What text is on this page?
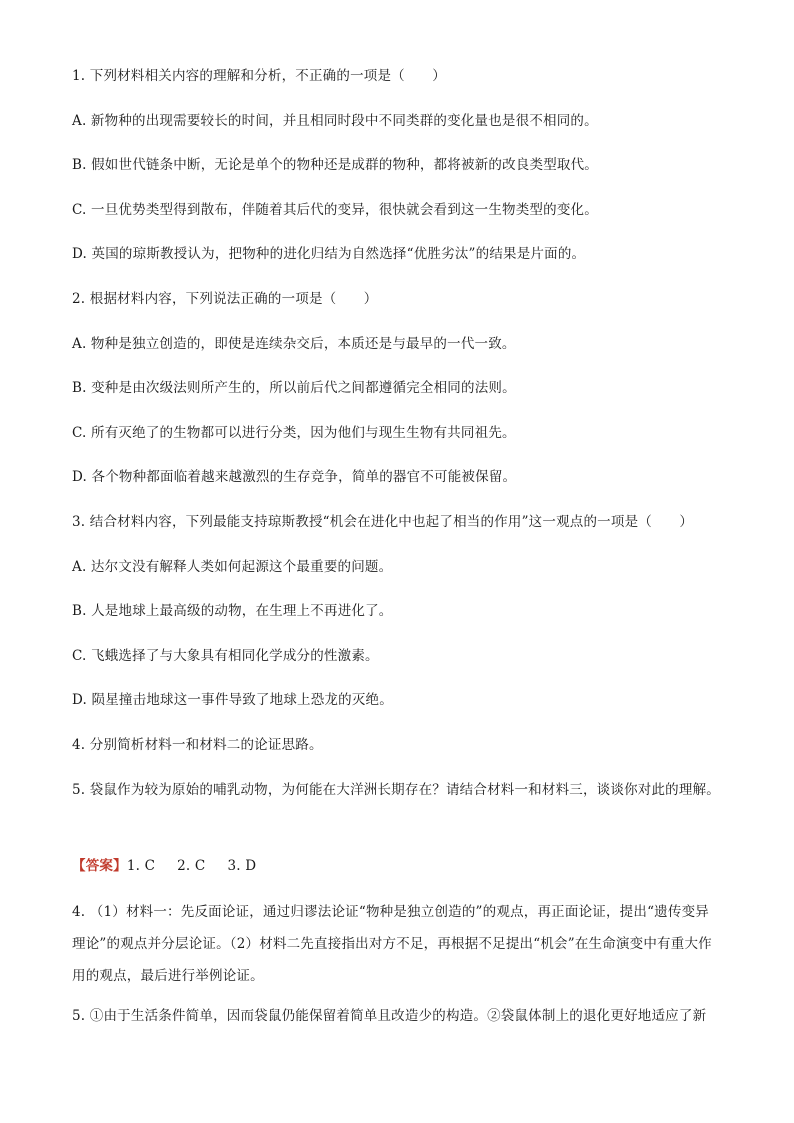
1. 下列材料相关内容的理解和分析，不正确的一项是（　　）
A. 新物种的出现需要较长的时间，并且相同时段中不同类群的变化量也是很不相同的。
B. 假如世代链条中断，无论是单个的物种还是成群的物种，都将被新的改良类型取代。
C. 一旦优势类型得到散布，伴随着其后代的变异，很快就会看到这一生物类型的变化。
D. 英国的琼斯教授认为，把物种的进化归结为自然选择“优胜劣汰”的结果是片面的。
2. 根据材料内容，下列说法正确的一项是（　　）
A. 物种是独立创造的，即使是连续杂交后，本质还是与最早的一代一致。
B. 变种是由次级法则所产生的，所以前后代之间都遵循完全相同的法则。
C. 所有灭绝了的生物都可以进行分类，因为他们与现生生物有共同祖先。
D. 各个物种都面临着越来越激烈的生存竞争，简单的器官不可能被保留。
3. 结合材料内容，下列最能支持琼斯教授“机会在进化中也起了相当的作用”这一观点的一项是（　　）
A. 达尔文没有解释人类如何起源这个最重要的问题。
B. 人是地球上最高级的动物，在生理上不再进化了。
C. 飞蛾选择了与大象具有相同化学成分的性激素。
D. 陨星撞击地球这一事件导致了地球上恐龙的灭绝。
4. 分别简析材料一和材料二的论证思路。
5. 袋鼠作为较为原始的哺乳动物，为何能在大洋洲长期存在？请结合材料一和材料三，谈谈你对此的理解。
【答案】1. C 2. C 3. D
4. （1）材料一：先反面论证，通过归谬法论证“物种是独立创造的”的观点，再正面论证，提出“遗传变异理论”的观点并分层论证。（2）材料二先直接指出对方不足，再根据不足提出“机会”在生命演变中有重大作用的观点，最后进行举例论证。
5. ①由于生活条件简单，因而袋鼠仍能保留着简单且改造少的构造。②袋鼠体制上的退化更好地适应了新
